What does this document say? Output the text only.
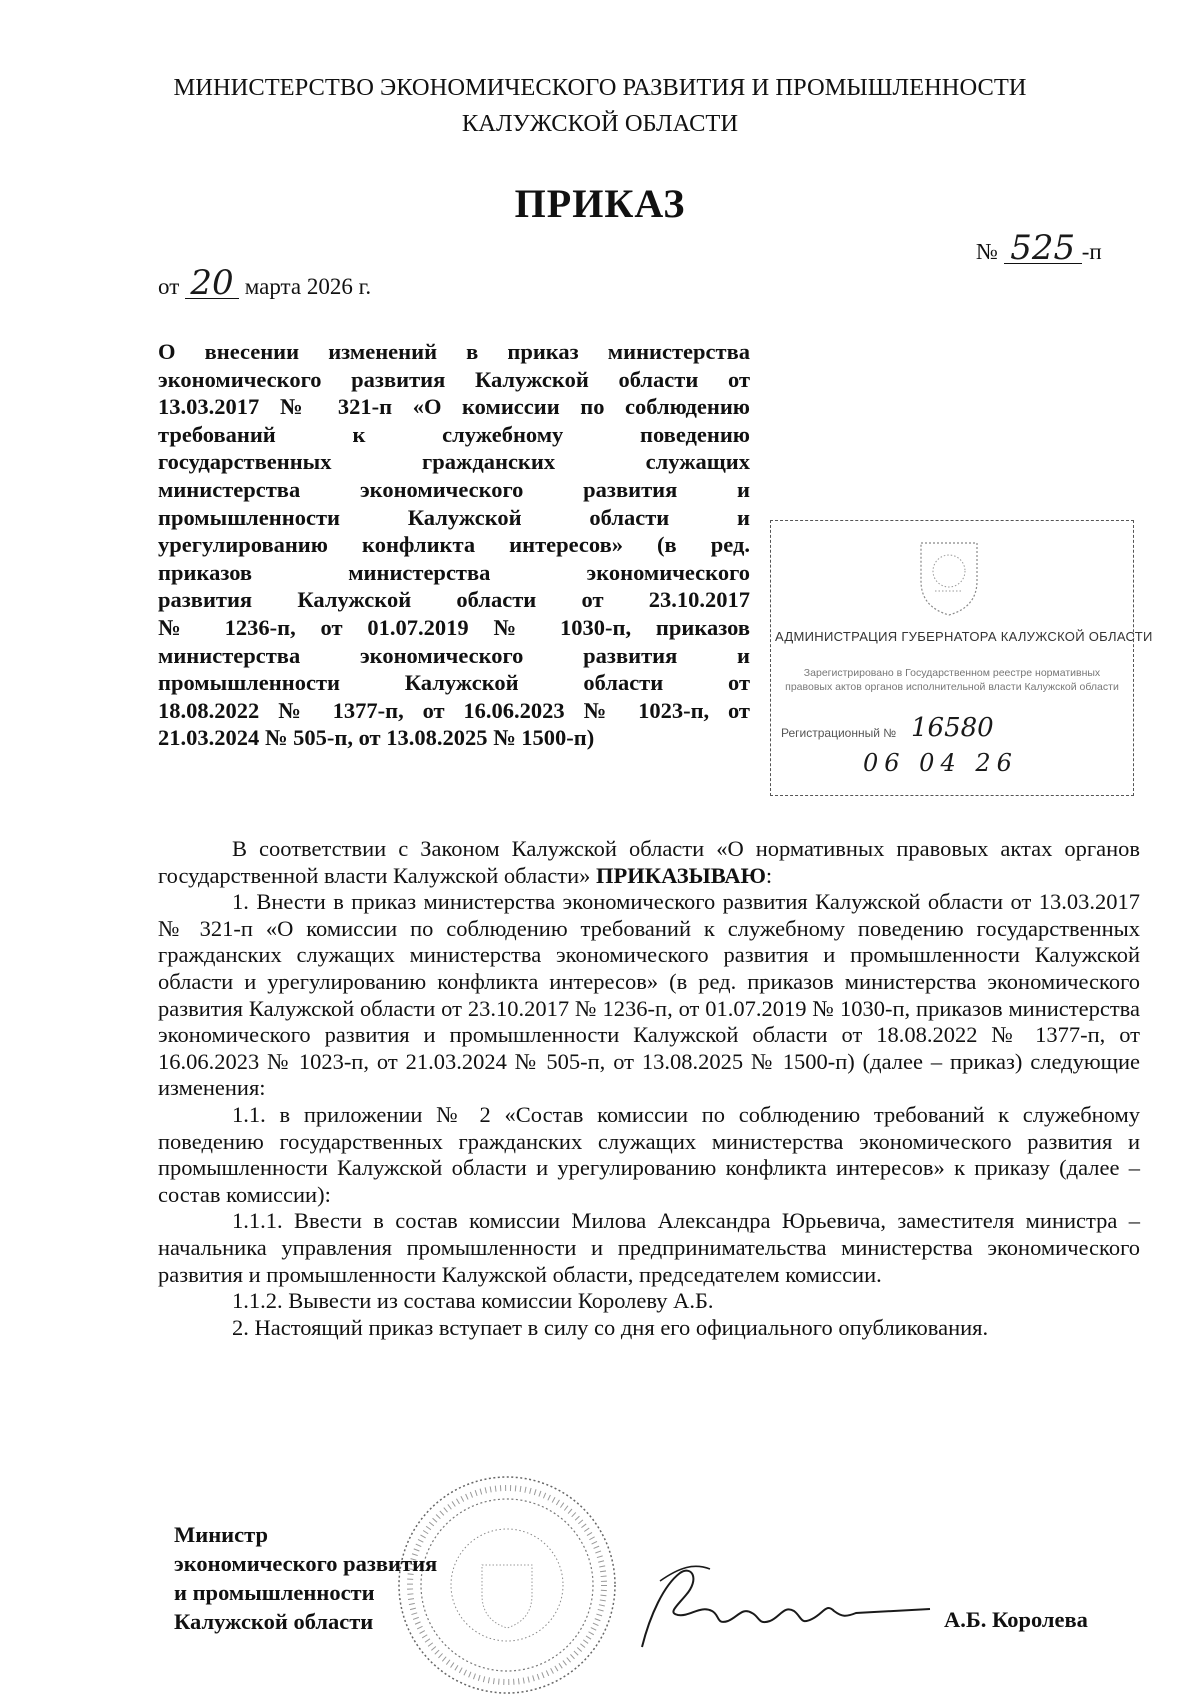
МИНИСТЕРСТВО ЭКОНОМИЧЕСКОГО РАЗВИТИЯ И ПРОМЫШЛЕННОСТИ
КАЛУЖСКОЙ ОБЛАСТИ
ПРИКАЗ
№ 525 -п
от 20 марта 2026 г.

О внесении изменений в приказ министерства

экономического развития Калужской области от

13.03.2017 № 321-п «О комиссии по соблюдению

требований к служебному поведению

государственных гражданских служащих

министерства экономического развития и

промышленности Калужской области и

урегулированию конфликта интересов» (в ред.

приказов министерства экономического

развития Калужской области от 23.10.2017

№ 1236-п, от 01.07.2019 № 1030-п, приказов

министерства экономического развития и

промышленности Калужской области от

18.08.2022 № 1377-п, от 16.06.2023 № 1023-п, от

21.03.2024 № 505-п, от 13.08.2025 № 1500-п)

АДМИНИСТРАЦИЯ ГУБЕРНАТОРА КАЛУЖСКОЙ ОБЛАСТИ
Зарегистрировано в Государственном реестре нормативных правовых актов органов исполнительной власти Калужской области
Регистрационный № 16580
06 04 26

В соответствии с Законом Калужской области «О нормативных правовых актах органов государственной власти Калужской области» ПРИКАЗЫВАЮ:

1. Внести в приказ министерства экономического развития Калужской области от 13.03.2017 № 321-п «О комиссии по соблюдению требований к служебному поведению государственных гражданских служащих министерства экономического развития и промышленности Калужской области и урегулированию конфликта интересов» (в ред. приказов министерства экономического развития Калужской области от 23.10.2017 № 1236-п, от 01.07.2019 № 1030-п, приказов министерства экономического развития и промышленности Калужской области от 18.08.2022 № 1377-п, от 16.06.2023 № 1023-п, от 21.03.2024 № 505-п, от 13.08.2025 № 1500-п) (далее – приказ) следующие изменения:

1.1. в приложении № 2 «Состав комиссии по соблюдению требований к служебному поведению государственных гражданских служащих министерства экономического развития и промышленности Калужской области и урегулированию конфликта интересов» к приказу (далее – состав комиссии):

1.1.1. Ввести в состав комиссии Милова Александра Юрьевича, заместителя министра – начальника управления промышленности и предпринимательства министерства экономического развития и промышленности Калужской области, председателем комиссии.

1.1.2. Вывести из состава комиссии Королеву А.Б.

2. Настоящий приказ вступает в силу со дня его официального опубликования.

Министр
экономического развития
и промышленности
Калужской области	А.Б. Королева
